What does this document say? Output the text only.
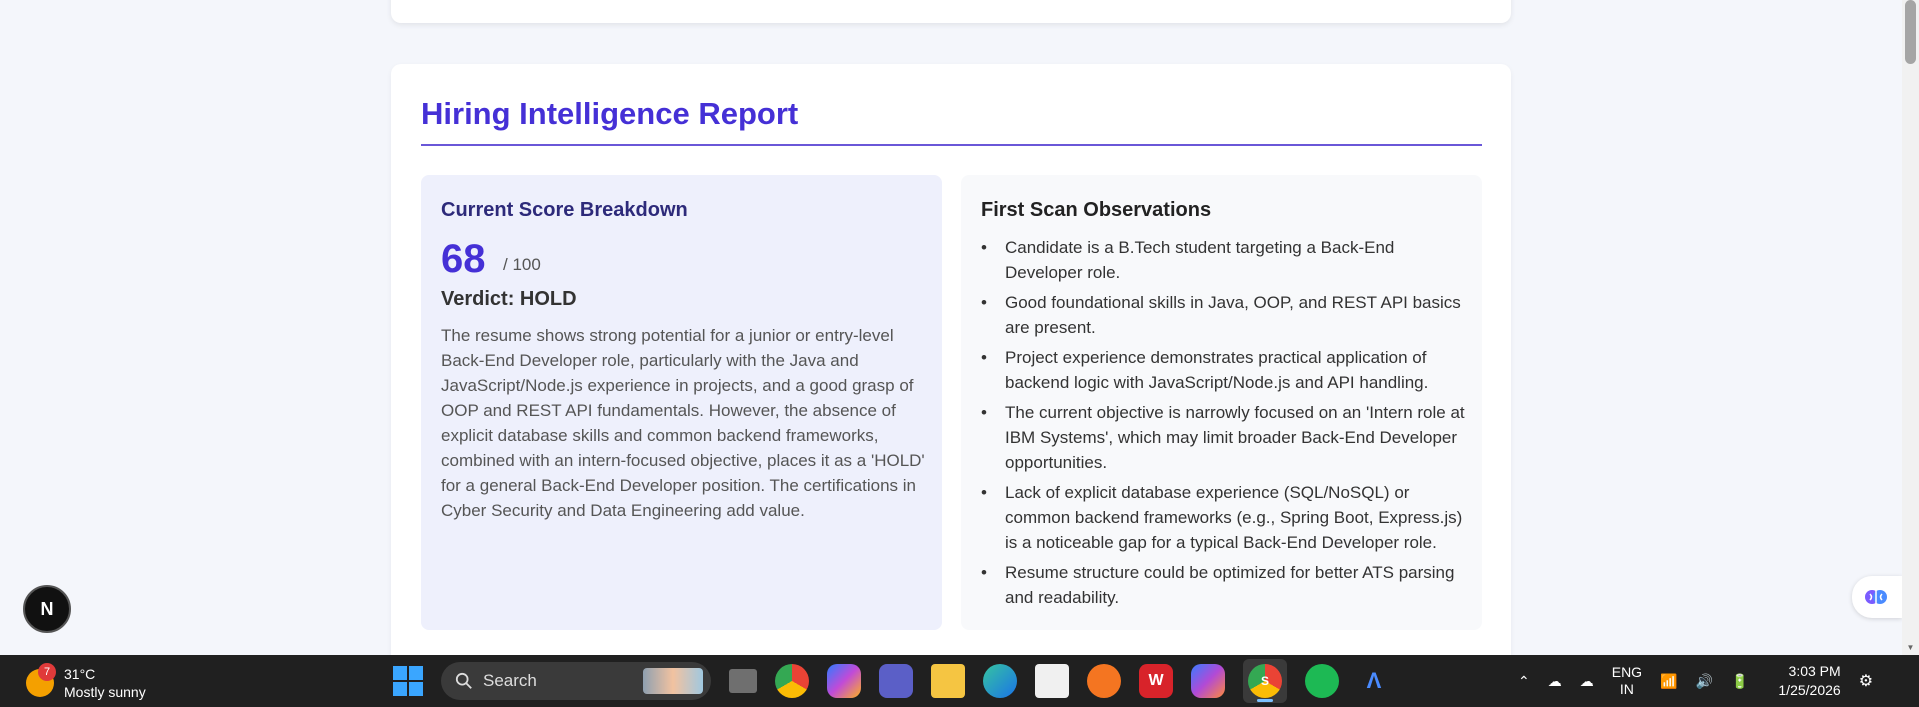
Hiring Intelligence Report
Current Score Breakdown
68 / 100
Verdict: HOLD

The resume shows strong potential for a junior or entry-level Back-End Developer role, particularly with the Java and JavaScript/Node.js experience in projects, and a good grasp of OOP and REST API fundamentals. However, the absence of explicit database skills and common backend frameworks, combined with an intern-focused objective, places it as a 'HOLD' for a general Back-End Developer position. The certifications in Cyber Security and Data Engineering add value.

First Scan Observations
•
Candidate is a B.Tech student targeting a Back-End Developer role.
•
Good foundational skills in Java, OOP, and REST API basics are present.
•
Project experience demonstrates practical application of backend logic with JavaScript/Node.js and API handling.
•
The current objective is narrowly focused on an 'Intern role at IBM Systems', which may limit broader Back-End Developer opportunities.
•
Lack of explicit database experience (SQL/NoSQL) or common backend frameworks (e.g., Spring Boot, Express.js) is a noticeable gap for a typical Back-End Developer role.
•
Resume structure could be optimized for better ATS parsing and readability.
N
▼
7 31°C
Mostly sunny
Search	W	S	Λ	⌃ ☁ ☁
ENG
IN
📶 🔊 🔋
3:03 PM
1/25/2026 ⚙
